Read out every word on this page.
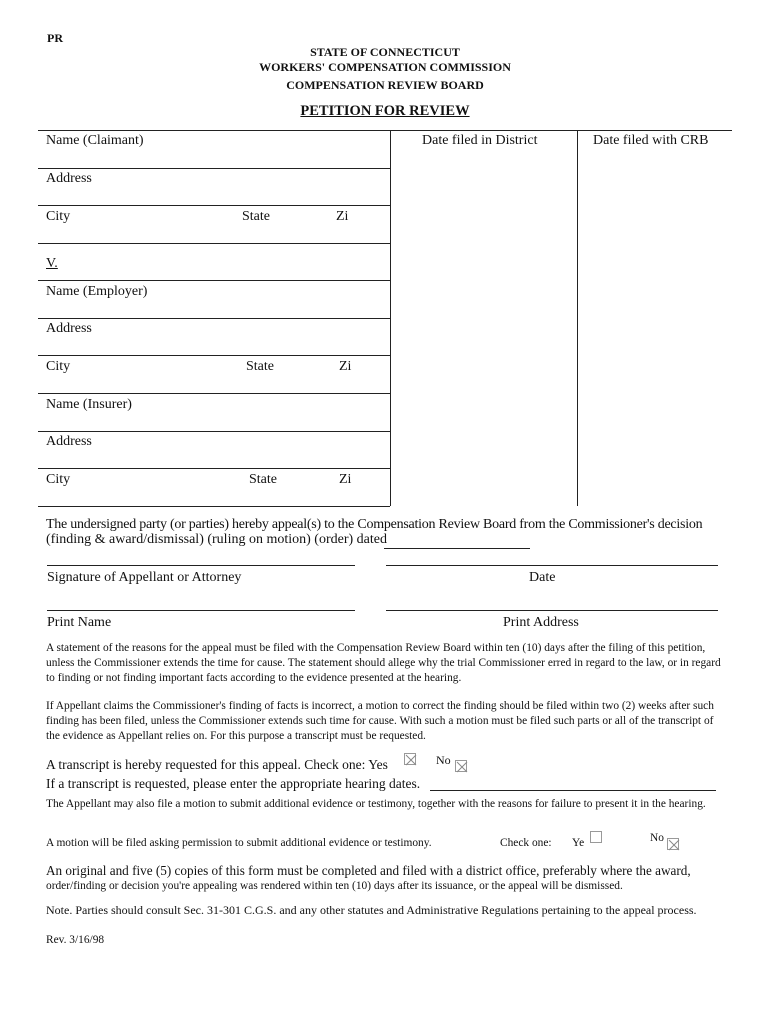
PR
STATE OF CONNECTICUT
WORKERS' COMPENSATION COMMISSION
COMPENSATION REVIEW BOARD
PETITION FOR REVIEW
Name (Claimant)	Date filed in District	Date filed with CRB
Address
City	State	Zi
V.
Name (Employer)
Address
City	State	Zi
Name (Insurer)
Address
City	State	Zi
The undersigned party (or parties) hereby appeal(s) to the Compensation Review Board from the Commissioner's decision
(finding & award/dismissal) (ruling on motion) (order) dated
Signature of Appellant or Attorney	Date
Print Name	Print Address
A statement of the reasons for the appeal must be filed with the Compensation Review Board within ten (10) days after the filing of this petition, unless the Commissioner extends the time for cause. The statement should allege why the trial Commissioner erred in regard to the law, or in regard to finding or not finding important facts according to the evidence presented at the hearing.
If Appellant claims the Commissioner's finding of facts is incorrect, a motion to correct the finding should be filed within two (2) weeks after such finding has been filed, unless the Commissioner extends such time for cause. With such a motion must be filed such parts or all of the transcript of the evidence as Appellant relies on. For this purpose a transcript must be requested.
A transcript is hereby requested for this appeal. Check one: Yes	No
If a transcript is requested, please enter the appropriate hearing dates.
The Appellant may also file a motion to submit additional evidence or testimony, together with the reasons for failure to present it in the hearing.
A motion will be filed asking permission to submit additional evidence or testimony.	Check one: Ye	No
An original and five (5) copies of this form must be completed and filed with a district office, preferably where the award,
order/finding or decision you're appealing was rendered within ten (10) days after its issuance, or the appeal will be dismissed.
Note. Parties should consult Sec. 31-301 C.G.S. and any other statutes and Administrative Regulations pertaining to the appeal process.
Rev. 3/16/98
